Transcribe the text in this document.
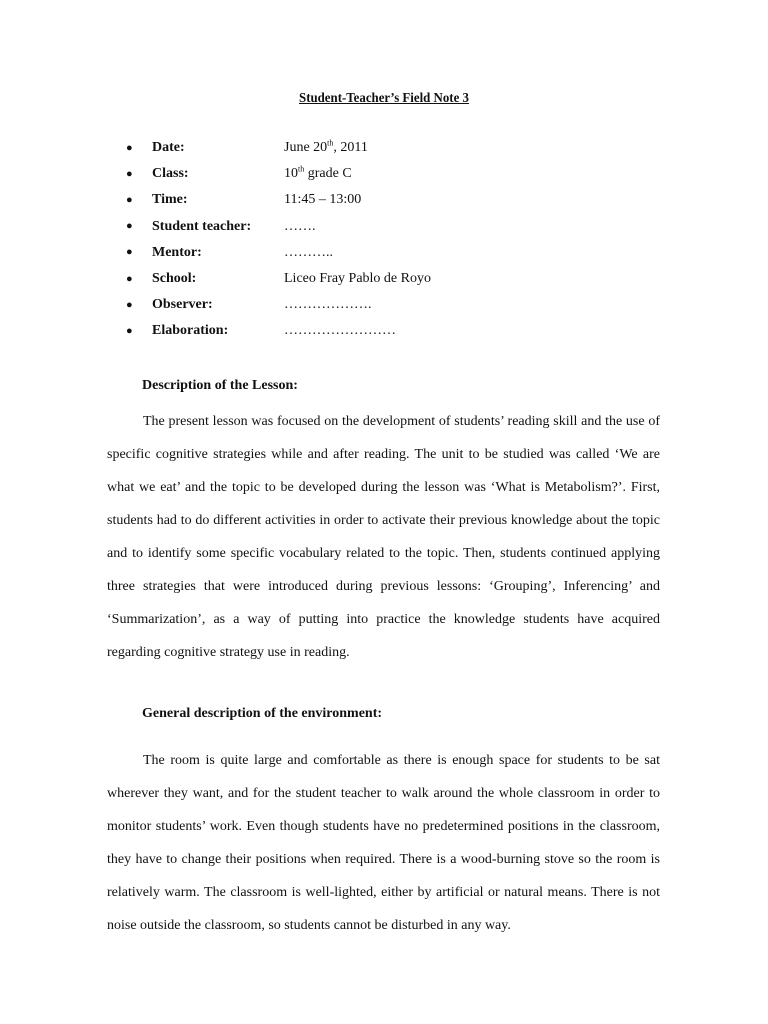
Student-Teacher’s Field Note 3
●	Date:	June 20th, 2011
●	Class:	10th grade C
●	Time:	11:45 – 13:00
●	Student teacher:	…….
●	Mentor:	………..
●	School:	Liceo Fray Pablo de Royo
●	Observer:	……………….
●	Elaboration:	……………………
Description of the Lesson:

The present lesson was focused on the development of students’ reading skill and the use of specific cognitive strategies while and after reading. The unit to be studied was called ‘We are what we eat’ and the topic to be developed during the lesson was ‘What is Metabolism?’. First, students had to do different activities in order to activate their previous knowledge about the topic and to identify some specific vocabulary related to the topic. Then, students continued applying three strategies that were introduced during previous lessons: ‘Grouping’, Inferencing’ and ‘Summarization’, as a way of putting into practice the knowledge students have acquired regarding cognitive strategy use in reading.

General description of the environment:

The room is quite large and comfortable as there is enough space for students to be sat wherever they want, and for the student teacher to walk around the whole classroom in order to monitor students’ work. Even though students have no predetermined positions in the classroom, they have to change their positions when required. There is a wood-burning stove so the room is relatively warm. The classroom is well-lighted, either by artificial or natural means. There is not noise outside the classroom, so students cannot be disturbed in any way.
